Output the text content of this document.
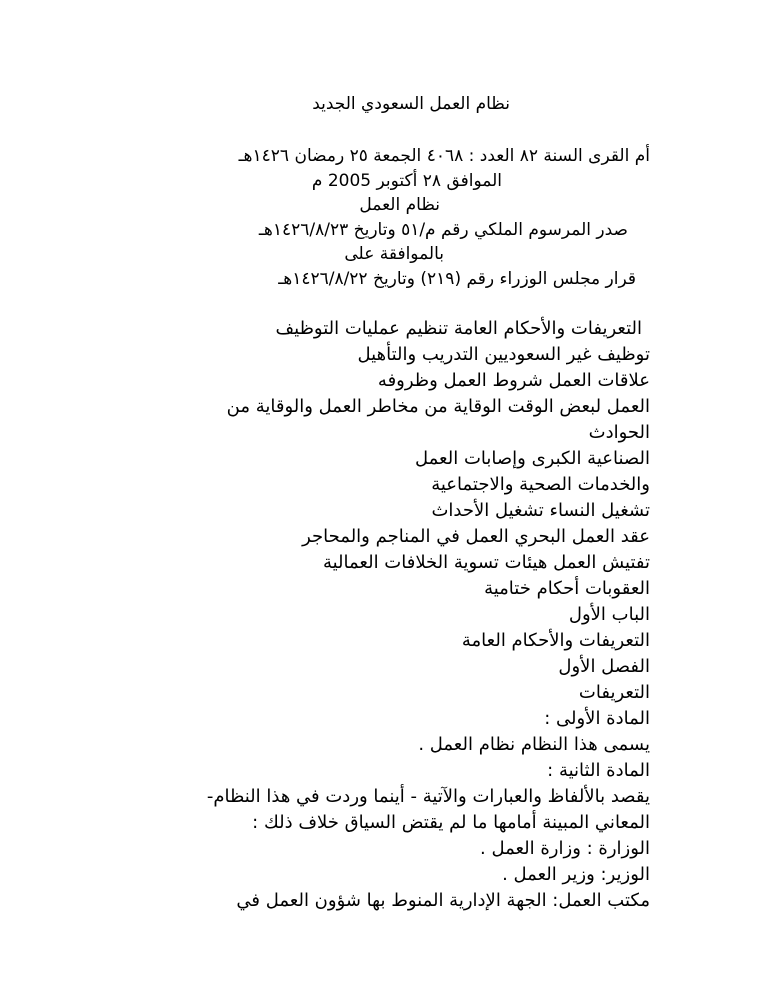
نظام العمل السعودي الجديد
أم القرى السنة ٨٢ العدد : ٤٠٦٨ الجمعة ٢٥ رمضان ١٤٢٦هـ
الموافق ٢٨ أكتوبر 2005 م
نظام العمل
صدر المرسوم الملكي رقم م/٥١ وتاريخ ١٤٢٦/٨/٢٣هـ
بالموافقة على
قرار مجلس الوزراء رقم (٢١٩) وتاريخ ١٤٢٦/٨/٢٢هـ
التعريفات والأحكام العامة تنظيم عمليات التوظيف
توظيف غير السعوديين التدريب والتأهيل
علاقات العمل شروط العمل وظروفه
العمل لبعض الوقت الوقاية من مخاطر العمل والوقاية من
الحوادث
الصناعية الكبرى وإصابات العمل
والخدمات الصحية والاجتماعية
تشغيل النساء تشغيل الأحداث
عقد العمل البحري العمل في المناجم والمحاجر
تفتيش العمل هيئات تسوية الخلافات العمالية
العقوبات أحكام ختامية
الباب الأول
التعريفات والأحكام العامة
الفصل الأول
التعريفات
المادة الأولى :
يسمى هذا النظام نظام العمل .
المادة الثانية :
يقصد بالألفاظ والعبارات والآتية - أينما وردت في هذا النظام-
المعاني المبينة أمامها ما لم يقتض السياق خلاف ذلك :
الوزارة : وزارة العمل .
الوزير: وزير العمل .
مكتب العمل: الجهة الإدارية المنوط بها شؤون العمل في
